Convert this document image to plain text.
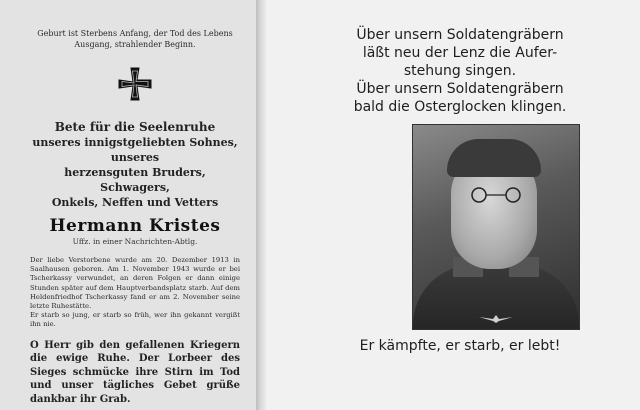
Geburt ist Sterbens Anfang, der Tod des Lebens Ausgang, strahlender Beginn.
Bete für die Seelenruhe
unseres innigstgeliebten Sohnes, unseres
herzensguten Bruders, Schwagers,
Onkels, Neffen und Vetters
Hermann Kristes
Uffz. in einer Nachrichten-Abtlg.
Der liebe Verstorbene wurde am 20. Dezember 1913 in Saalhausen geboren. Am 1. November 1943 wurde er bei Tscherkassy verwundet, an deren Folgen er dann einige Stunden später auf dem Hauptverbandsplatz starb. Auf dem Heldenfriedhof Tscherkassy fand er am 2. November seine letzte Ruhestätte.
Er starb so jung, er starb so früh, wer ihn gekannt vergißt ihn nie.
O Herr gib den gefallenen Kriegern die ewige Ruhe. Der Lorbeer des Sieges schmücke ihre Stirn im Tod und unser tägliches Gebet grüße dankbar ihr Grab.
Über unsern Soldatengräbern
läßt neu der Lenz die Aufer-
stehung singen.
Über unsern Soldatengräbern
bald die Osterglocken klingen.
Er kämpfte, er starb, er lebt!
